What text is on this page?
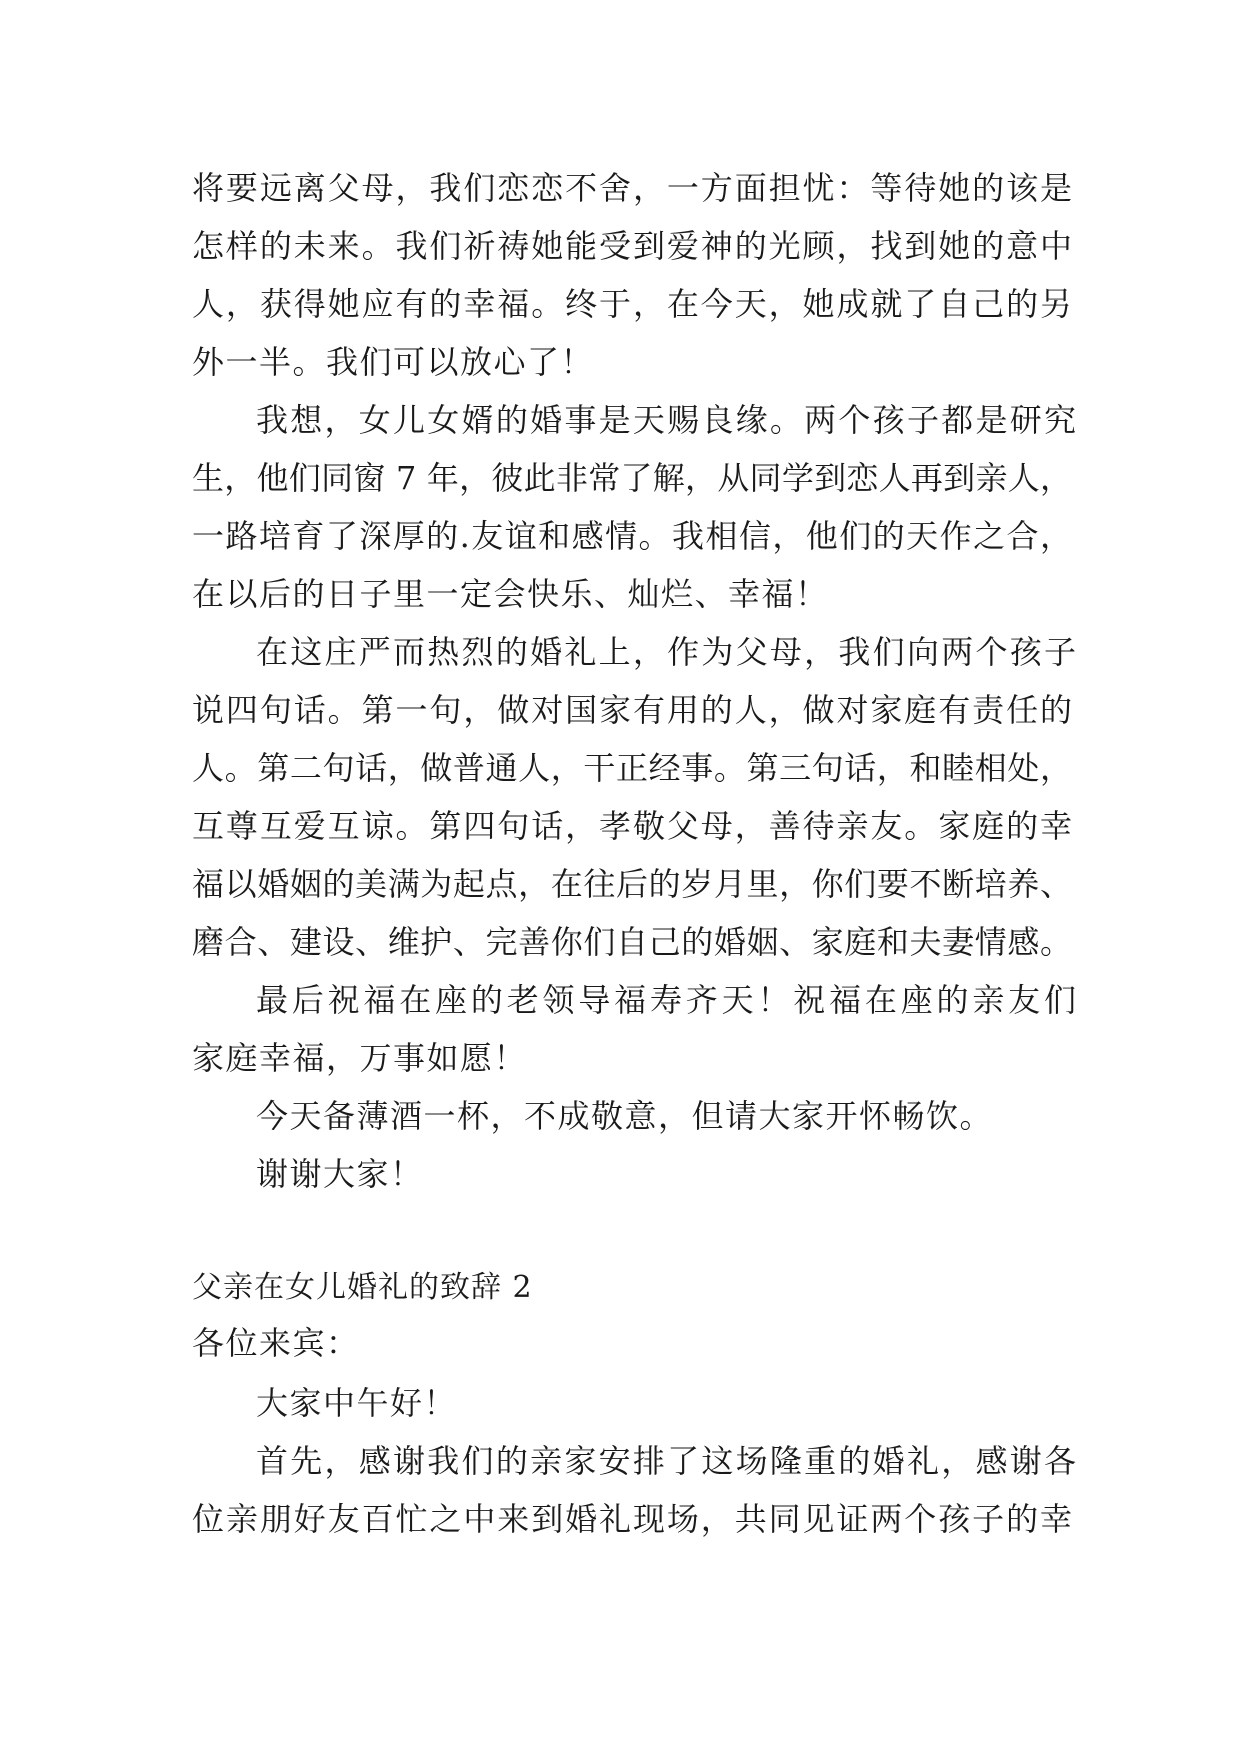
将要远离父母，我们恋恋不舍，一方面担忧：等待她的该是
怎样的未来。我们祈祷她能受到爱神的光顾，找到她的意中
人，获得她应有的幸福。终于，在今天，她成就了自己的另
外一半。我们可以放心了！
我想，女儿女婿的婚事是天赐良缘。两个孩子都是研究
生，他们同窗 7 年，彼此非常了解，从同学到恋人再到亲人，
一路培育了深厚的.友谊和感情。我相信，他们的天作之合，
在以后的日子里一定会快乐、灿烂、幸福！
在这庄严而热烈的婚礼上，作为父母，我们向两个孩子
说四句话。第一句，做对国家有用的人，做对家庭有责任的
人。第二句话，做普通人，干正经事。第三句话，和睦相处，
互尊互爱互谅。第四句话，孝敬父母，善待亲友。家庭的幸
福以婚姻的美满为起点，在往后的岁月里，你们要不断培养、
磨合、建设、维护、完善你们自己的婚姻、家庭和夫妻情感。
最后祝福在座的老领导福寿齐天！祝福在座的亲友们
家庭幸福，万事如愿！
今天备薄酒一杯，不成敬意，但请大家开怀畅饮。
谢谢大家！
父亲在女儿婚礼的致辞 2
各位来宾：
大家中午好！
首先，感谢我们的亲家安排了这场隆重的婚礼，感谢各
位亲朋好友百忙之中来到婚礼现场，共同见证两个孩子的幸
